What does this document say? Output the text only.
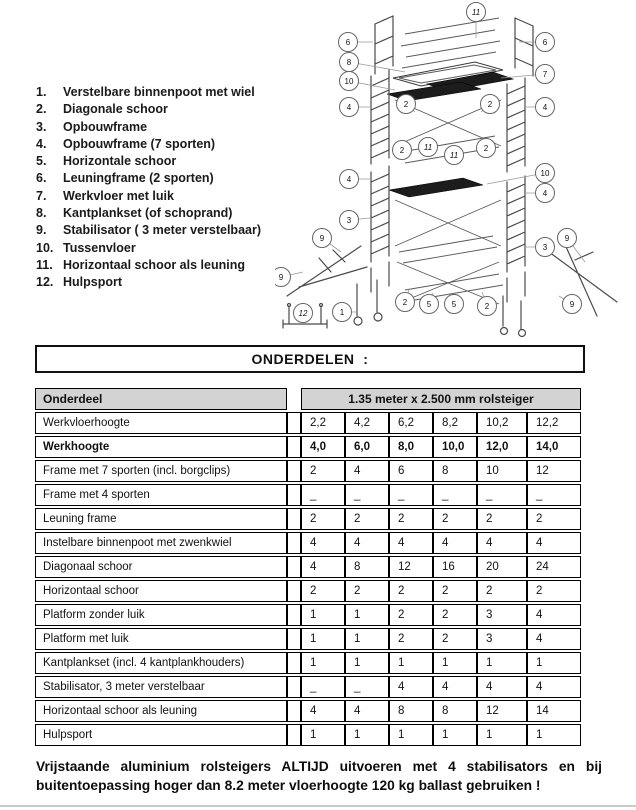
1.	Verstelbare binnenpoot met wiel
2.	Diagonale schoor
3.	Opbouwframe
4.	Opbouwframe (7 sporten)
5.	Horizontale schoor
6.	Leuningframe (2 sporten)
7.	Werkvloer met luik
8.	Kantplankset (of schoprand)
9.	Stabilisator ( 3 meter verstelbaar)
10. Tussenvloer
11. Horizontaal schoor als leuning
12. Hulpsport
11
6	6
8
7
10
4	2	2	4
2 11
11
2
4
10
4
3
9
9
3
9
9
12	1
2 5	5	2
ONDERDELEN  :
Onderdeel		1.35 meter x 2.500 mm rolsteiger					
Werkvloerhoogte		2,2	4,2	6,2	8,2	10,2	12,2
Werkhoogte		4,0	6,0	8,0	10,0	12,0	14,0
Frame met 7 sporten (incl. borgclips)		2	4	6	8	10	12
Frame met 4 sporten		_	_	_	_	_	_
Leuning frame		2	2	2	2	2	2
Instelbare binnenpoot met zwenkwiel		4	4	4	4	4	4
Diagonaal schoor		4	8	12	16	20	24
Horizontaal schoor		2	2	2	2	2	2
Platform zonder luik		1	1	2	2	3	4
Platform met luik		1	1	2	2	3	4
Kantplankset (incl. 4 kantplankhouders)		1	1	1	1	1	1
Stabilisator, 3 meter verstelbaar		_	_	4	4	4	4
Horizontaal schoor als leuning		4	4	8	8	12	14
Hulpsport		1	1	1	1	1	1
Vrijstaande aluminium rolsteigers ALTIJD uitvoeren met 4 stabilisators en bij buitentoepassing hoger dan 8.2 meter vloerhoogte 120 kg ballast gebruiken !
